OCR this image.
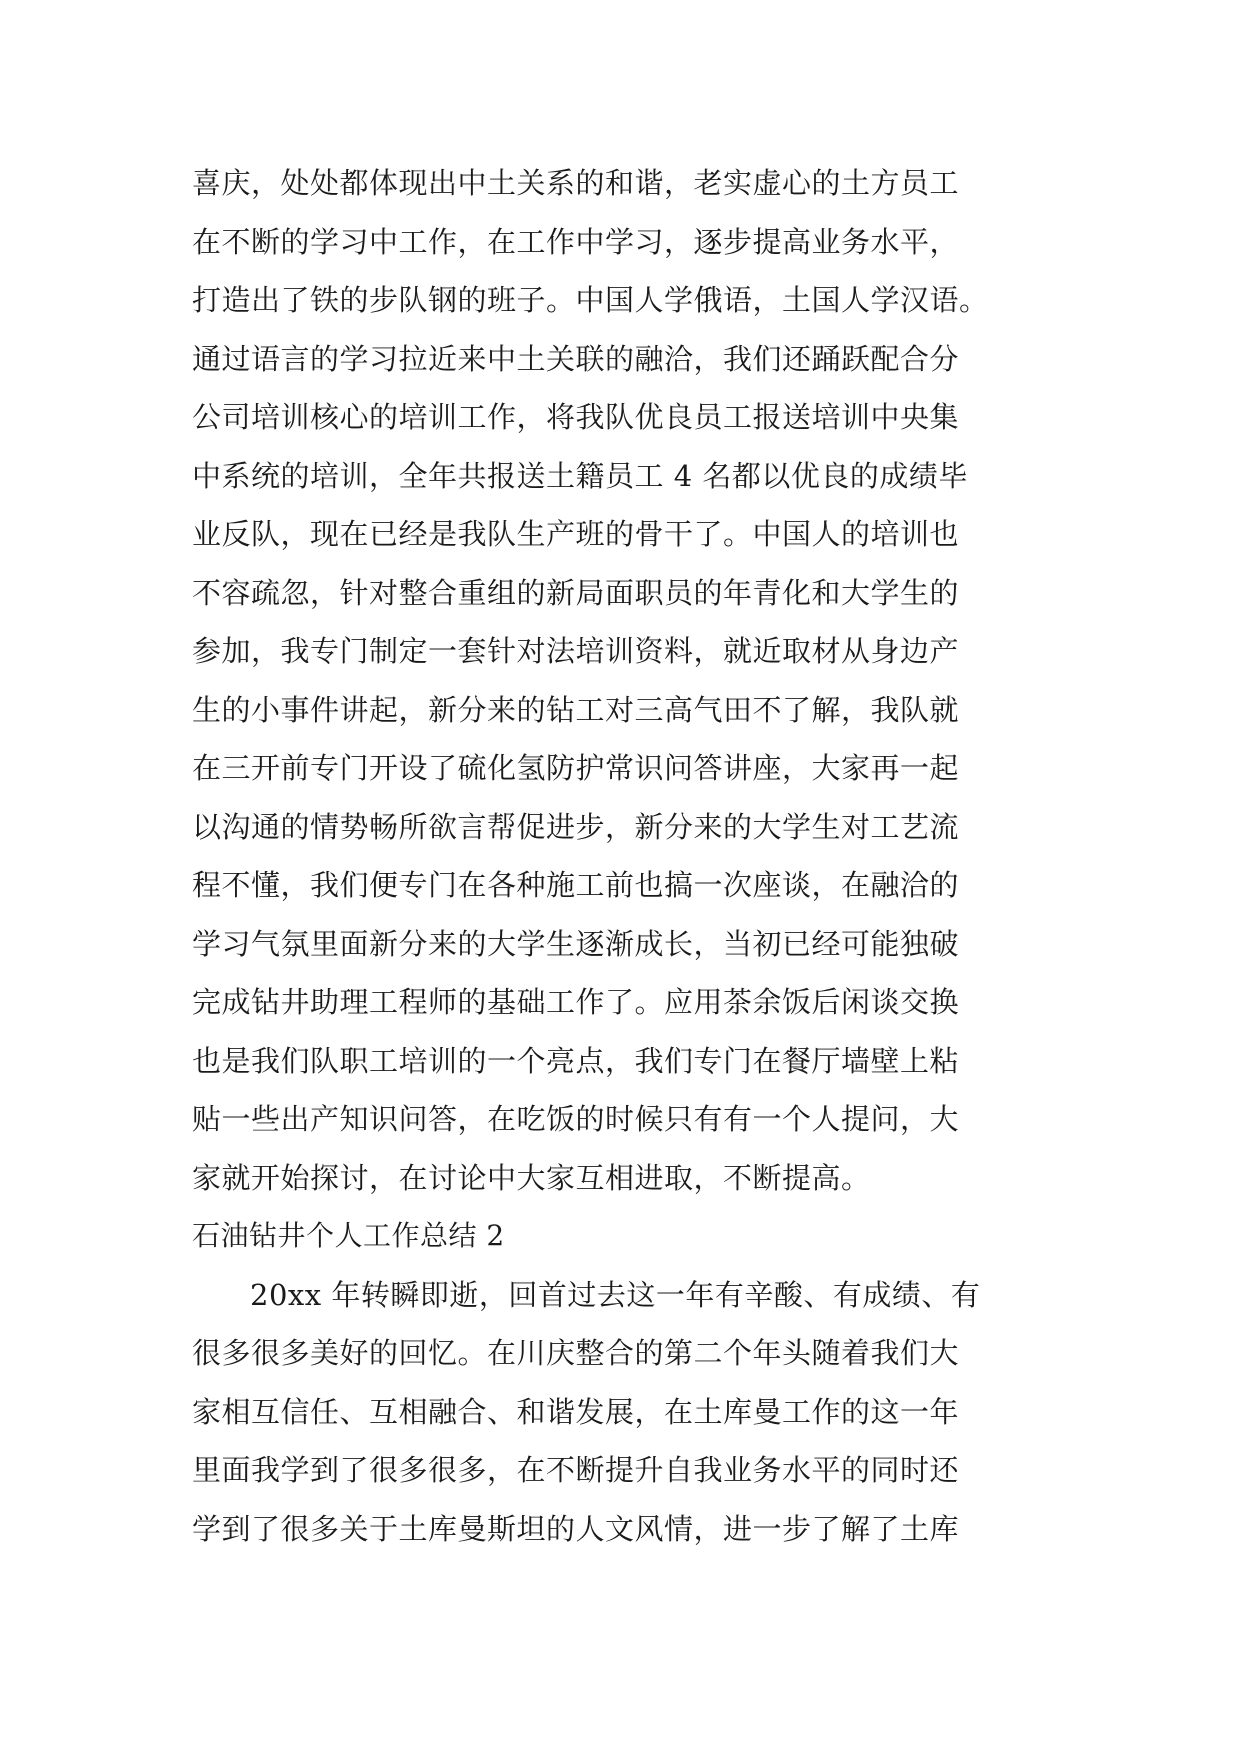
喜庆，处处都体现出中土关系的和谐，老实虚心的土方员工
在不断的学习中工作，在工作中学习，逐步提高业务水平，
打造出了铁的步队钢的班子。中国人学俄语，土国人学汉语。
通过语言的学习拉近来中土关联的融洽，我们还踊跃配合分
公司培训核心的培训工作，将我队优良员工报送培训中央集
中系统的培训，全年共报送土籍员工 4 名都以优良的成绩毕
业反队，现在已经是我队生产班的骨干了。中国人的培训也
不容疏忽，针对整合重组的新局面职员的年青化和大学生的
参加，我专门制定一套针对法培训资料，就近取材从身边产
生的小事件讲起，新分来的钻工对三高气田不了解，我队就
在三开前专门开设了硫化氢防护常识问答讲座，大家再一起
以沟通的情势畅所欲言帮促进步，新分来的大学生对工艺流
程不懂，我们便专门在各种施工前也搞一次座谈，在融洽的
学习气氛里面新分来的大学生逐渐成长，当初已经可能独破
完成钻井助理工程师的基础工作了。应用茶余饭后闲谈交换
也是我们队职工培训的一个亮点，我们专门在餐厅墙壁上粘
贴一些出产知识问答，在吃饭的时候只有有一个人提问，大
家就开始探讨，在讨论中大家互相进取，不断提高。
石油钻井个人工作总结 2
20xx 年转瞬即逝，回首过去这一年有辛酸、有成绩、有
很多很多美好的回忆。在川庆整合的第二个年头随着我们大
家相互信任、互相融合、和谐发展，在土库曼工作的这一年
里面我学到了很多很多，在不断提升自我业务水平的同时还
学到了很多关于土库曼斯坦的人文风情，进一步了解了土库
